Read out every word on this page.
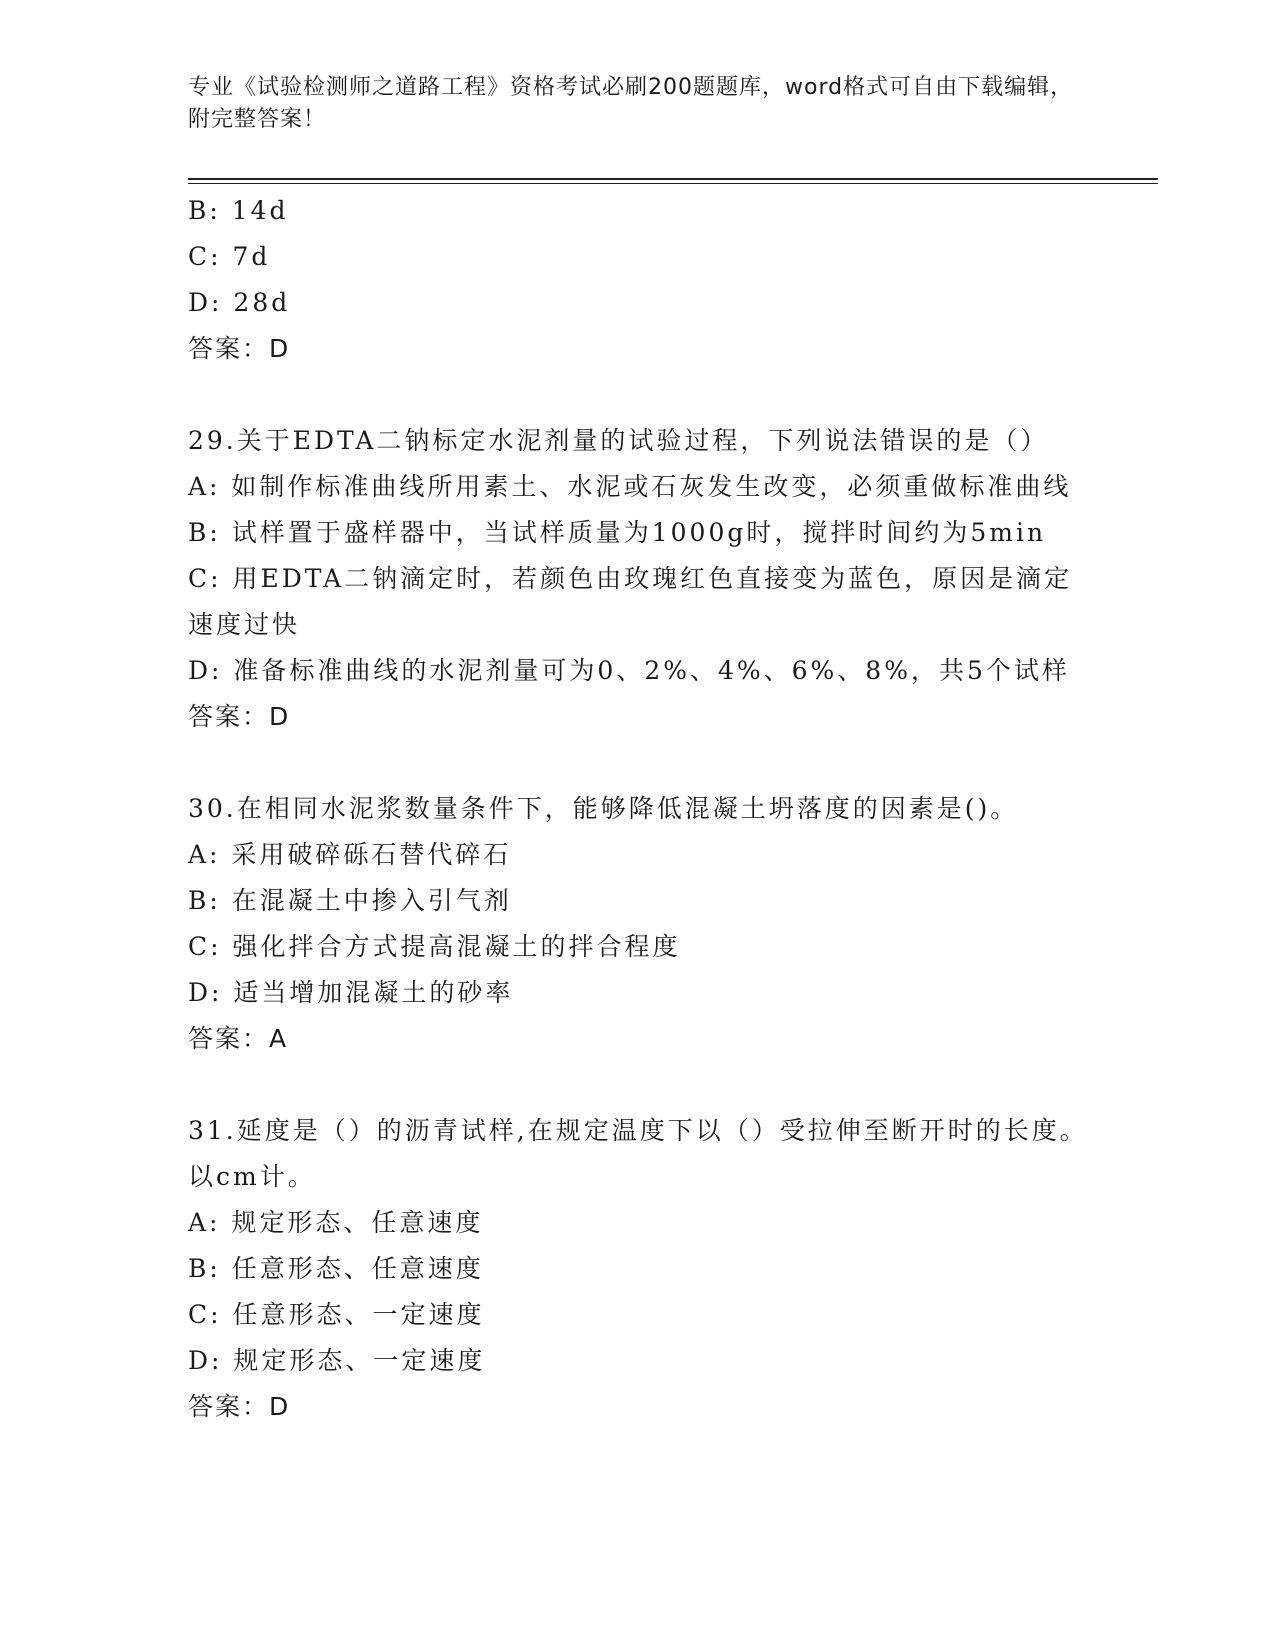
专业《试验检测师之道路工程》资格考试必刷200题题库，word格式可自由下载编辑，附完整答案！
B: 14d
C: 7d
D: 28d
答案：D
29.关于EDTA二钠标定水泥剂量的试验过程，下列说法错误的是（）
A: 如制作标准曲线所用素土、水泥或石灰发生改变，必须重做标准曲线
B: 试样置于盛样器中，当试样质量为1000g时，搅拌时间约为5min
C: 用EDTA二钠滴定时，若颜色由玫瑰红色直接变为蓝色，原因是滴定速度过快
D: 准备标准曲线的水泥剂量可为0、2%、4%、6%、8%，共5个试样
答案：D
30.在相同水泥浆数量条件下，能够降低混凝土坍落度的因素是()。
A: 采用破碎砾石替代碎石
B: 在混凝土中掺入引气剂
C: 强化拌合方式提高混凝土的拌合程度
D: 适当增加混凝土的砂率
答案：A
31.延度是（）的沥青试样,在规定温度下以（）受拉伸至断开时的长度。以cm计。
A: 规定形态、任意速度
B: 任意形态、任意速度
C: 任意形态、一定速度
D: 规定形态、一定速度
答案：D
